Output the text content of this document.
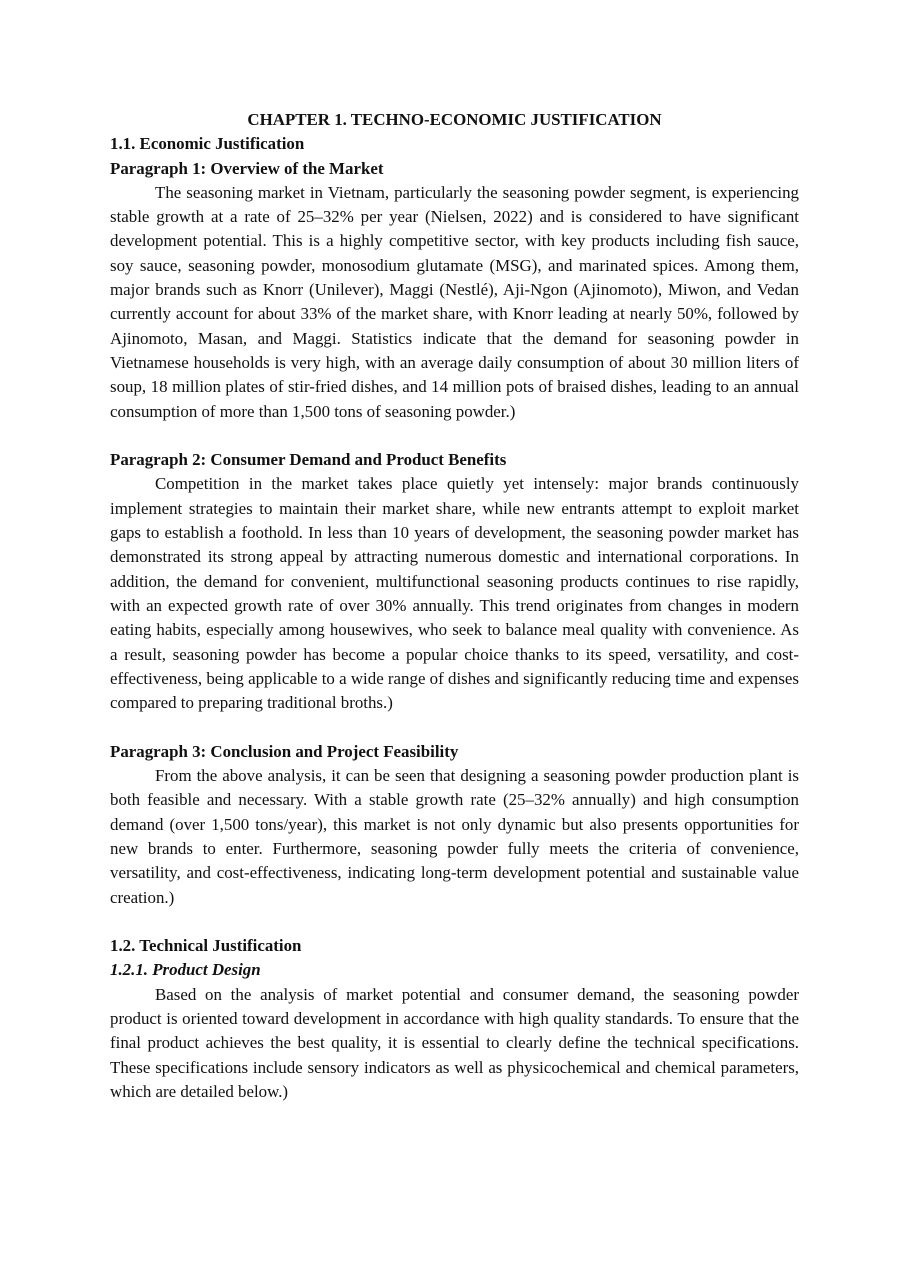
CHAPTER 1. TECHNO-ECONOMIC JUSTIFICATION

1.1. Economic Justification

Paragraph 1: Overview of the Market

The seasoning market in Vietnam, particularly the seasoning powder segment, is experiencing stable growth at a rate of 25–32% per year (Nielsen, 2022) and is considered to have significant development potential. This is a highly competitive sector, with key products including fish sauce, soy sauce, seasoning powder, monosodium glutamate (MSG), and marinated spices. Among them, major brands such as Knorr (Unilever), Maggi (Nestlé), Aji-Ngon (Ajinomoto), Miwon, and Vedan currently account for about 33% of the market share, with Knorr leading at nearly 50%, followed by Ajinomoto, Masan, and Maggi. Statistics indicate that the demand for seasoning powder in Vietnamese households is very high, with an average daily consumption of about 30 million liters of soup, 18 million plates of stir-fried dishes, and 14 million pots of braised dishes, leading to an annual consumption of more than 1,500 tons of seasoning powder.)

Paragraph 2: Consumer Demand and Product Benefits

Competition in the market takes place quietly yet intensely: major brands continuously implement strategies to maintain their market share, while new entrants attempt to exploit market gaps to establish a foothold. In less than 10 years of development, the seasoning powder market has demonstrated its strong appeal by attracting numerous domestic and international corporations. In addition, the demand for convenient, multifunctional seasoning products continues to rise rapidly, with an expected growth rate of over 30% annually. This trend originates from changes in modern eating habits, especially among housewives, who seek to balance meal quality with convenience. As a result, seasoning powder has become a popular choice thanks to its speed, versatility, and cost-effectiveness, being applicable to a wide range of dishes and significantly reducing time and expenses compared to preparing traditional broths.)

Paragraph 3: Conclusion and Project Feasibility

From the above analysis, it can be seen that designing a seasoning powder production plant is both feasible and necessary. With a stable growth rate (25–32% annually) and high consumption demand (over 1,500 tons/year), this market is not only dynamic but also presents opportunities for new brands to enter. Furthermore, seasoning powder fully meets the criteria of convenience, versatility, and cost-effectiveness, indicating long-term development potential and sustainable value creation.)

1.2. Technical Justification

1.2.1. Product Design

Based on the analysis of market potential and consumer demand, the seasoning powder product is oriented toward development in accordance with high quality standards. To ensure that the final product achieves the best quality, it is essential to clearly define the technical specifications. These specifications include sensory indicators as well as physicochemical and chemical parameters, which are detailed below.)
